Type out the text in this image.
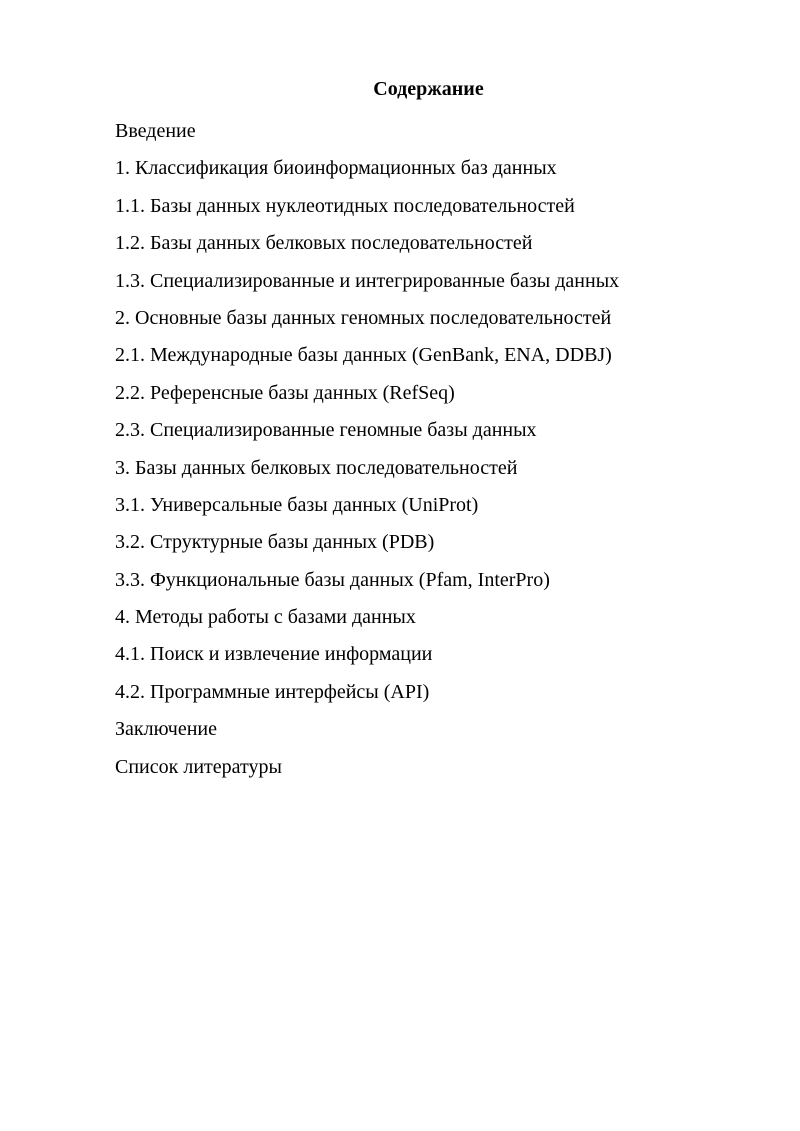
Содержание
Введение
1. Классификация биоинформационных баз данных
1.1. Базы данных нуклеотидных последовательностей
1.2. Базы данных белковых последовательностей
1.3. Специализированные и интегрированные базы данных
2. Основные базы данных геномных последовательностей
2.1. Международные базы данных (GenBank, ENA, DDBJ)
2.2. Референсные базы данных (RefSeq)
2.3. Специализированные геномные базы данных
3. Базы данных белковых последовательностей
3.1. Универсальные базы данных (UniProt)
3.2. Структурные базы данных (PDB)
3.3. Функциональные базы данных (Pfam, InterPro)
4. Методы работы с базами данных
4.1. Поиск и извлечение информации
4.2. Программные интерфейсы (API)
Заключение
Список литературы
